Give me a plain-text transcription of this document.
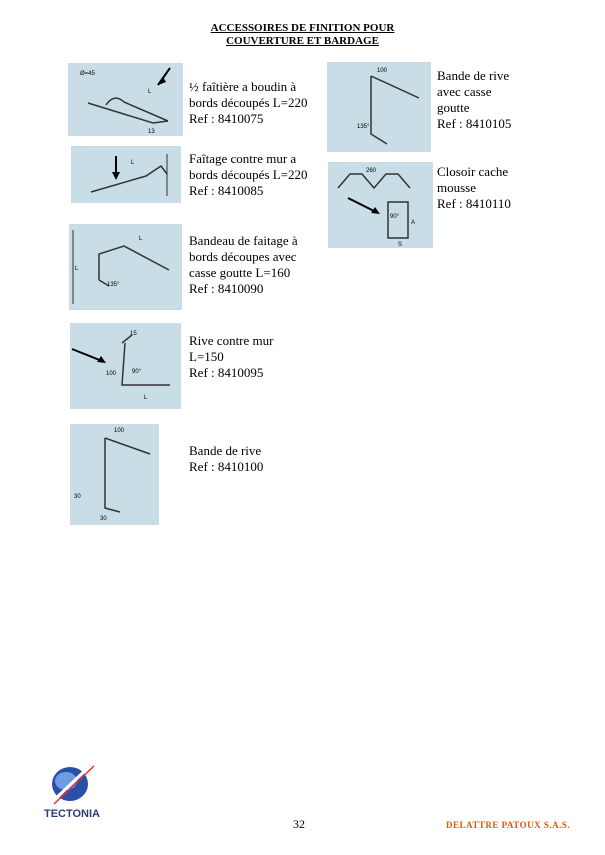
ACCESSOIRES DE FINITION POUR
COUVERTURE ET BARDAGE
Ø=45
L
13
½ faîtière a boudin à
bords découpés L=220
Ref : 8410075
L	Faîtage contre mur a
bords découpés L=220
Ref : 8410085
L
135°
L
Bandeau de faitage à
bords découpes avec
casse goutte L=160
Ref : 8410090
15
100	90°
L
Rive contre mur
L=150
Ref : 8410095
100
30
30
Bande de rive
Ref : 8410100
100
135°
Bande de rive
avec casse
goutte
Ref : 8410105
260
90°
A
S
Closoir cache
mousse
Ref : 8410110
TECTONIA
32	DELATTRE PATOUX S.A.S.
